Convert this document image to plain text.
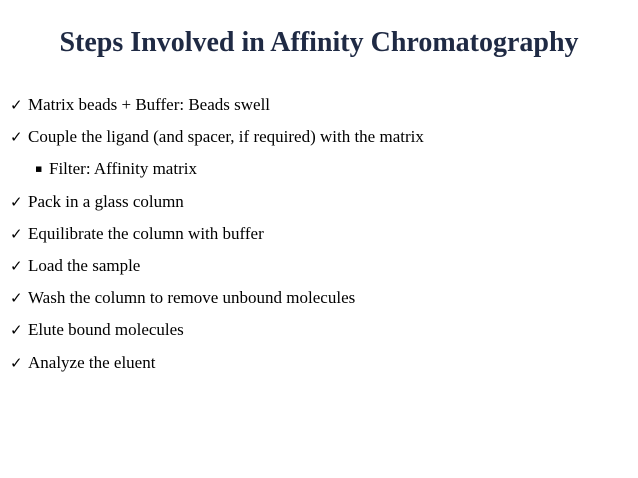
Steps Involved in Affinity Chromatography
✓ Matrix beads + Buffer: Beads swell
✓ Couple the ligand (and spacer, if required) with the matrix
▪ Filter: Affinity matrix
✓ Pack in a glass column
✓ Equilibrate the column with buffer
✓ Load the sample
✓ Wash the column to remove unbound molecules
✓ Elute bound molecules
✓ Analyze the eluent
